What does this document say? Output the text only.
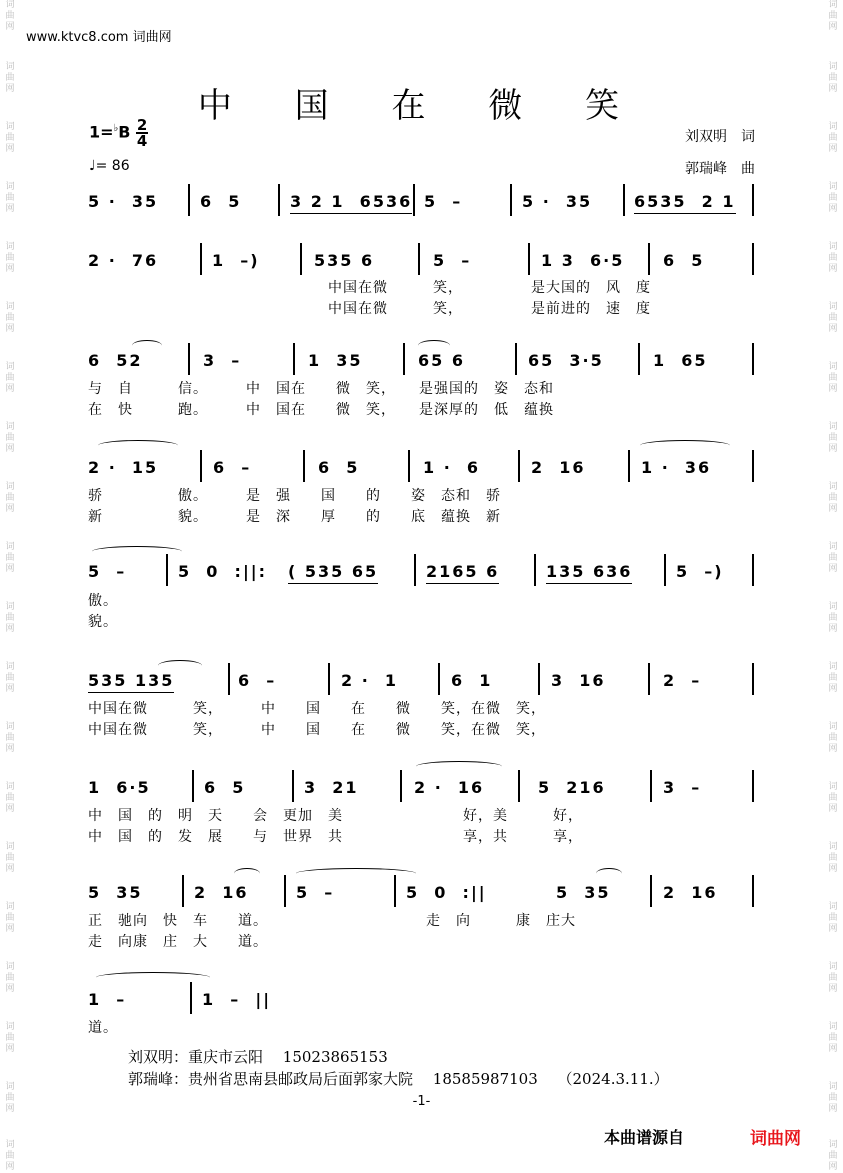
词
曲
网
词
曲
网
词
曲
网
词
曲
网
词
曲
网
词
曲
网
词
曲
网
词
曲
网
词
曲
网
词
曲
网
词
曲
网
词
曲
网
词
曲
网
词
曲
网
词
曲
网
词
曲
网
词
曲
网
词
曲
网
词
曲
网
词
曲
网
词
曲
网
词
曲
网
词
曲
网
词
曲
网
词
曲
网
词
曲
网
词
曲
网
词
曲
网
词
曲
网
词
曲
网
词
曲
网
词
曲
网
词
曲
网
词
曲
网
词
曲
网
词
曲
网
词
曲
网
词
曲
网
词
曲
网
词
曲
网
www.ktvc8.com 词曲网
中 国 在 微 笑
$1=^♭B \frac{2}{4}$
♩= 86
刘双明　词
郭瑞峰　曲
5 ·  35	6  5	3 2 1  6536 5  –	5 ·  35	6535  2 1
2 ·  76	1  –)	535 6	5  –	1 3  6·5 6  5
　　　　　　　　　　　　　　　　中国在微　　　笑，　　　　　是大国的　风　度
　　　　　　　　　　　　　　　　中国在微　　　笑，　　　　　是前进的　速　度
6  52	3  –	1  35	65 6	65  3·5	1  65
与　自　　　信。　　　中　国在　　微　笑，　　是强国的　姿　态和
在　快　　　跑。　　　中　国在　　微　笑，　　是深厚的　低　蕴换
2 ·  15	6  –	6  5	1 ·  6	2  16	1 ·  36
骄　　　　　傲。　　　是　强　　国　　的　　姿　态和　骄
新　　　　　貌。　　　是　深　　厚　　的　　底　蕴换　新
5  –	5  0  :||: ( 535 65	2165 6	135 636	5  –)
傲。
貌。
535 135	6  –	2 ·  1	6  1	3  16	2  –
中国在微　　　笑，　　　中　　国　　在　　微　　笑，在微　笑，
中国在微　　　笑，　　　中　　国　　在　　微　　笑，在微　笑，
1  6·5	6  5	3  21	2 ·  16	5  216	3  –
中　国　的　明　天　　会　更加　美　　　　　　　　好，美　　　好，
中　国　的　发　展　　与　世界　共　　　　　　　　享，共　　　享，
5  35	2  16	5  –	5  0  :||	5  35	2  16
正　驰向　快　车　　道。　　　　　　　　　　　走　向　　　康　庄大
走　向康　庄　大　　道。
1  –	1  –  ||
道。
刘双明：重庆市云阳　 15023865153
郭瑞峰：贵州省思南县邮政局后面郭家大院　 18585987103　 （2024.3.11.）
-1-
本曲谱源自	词曲网
